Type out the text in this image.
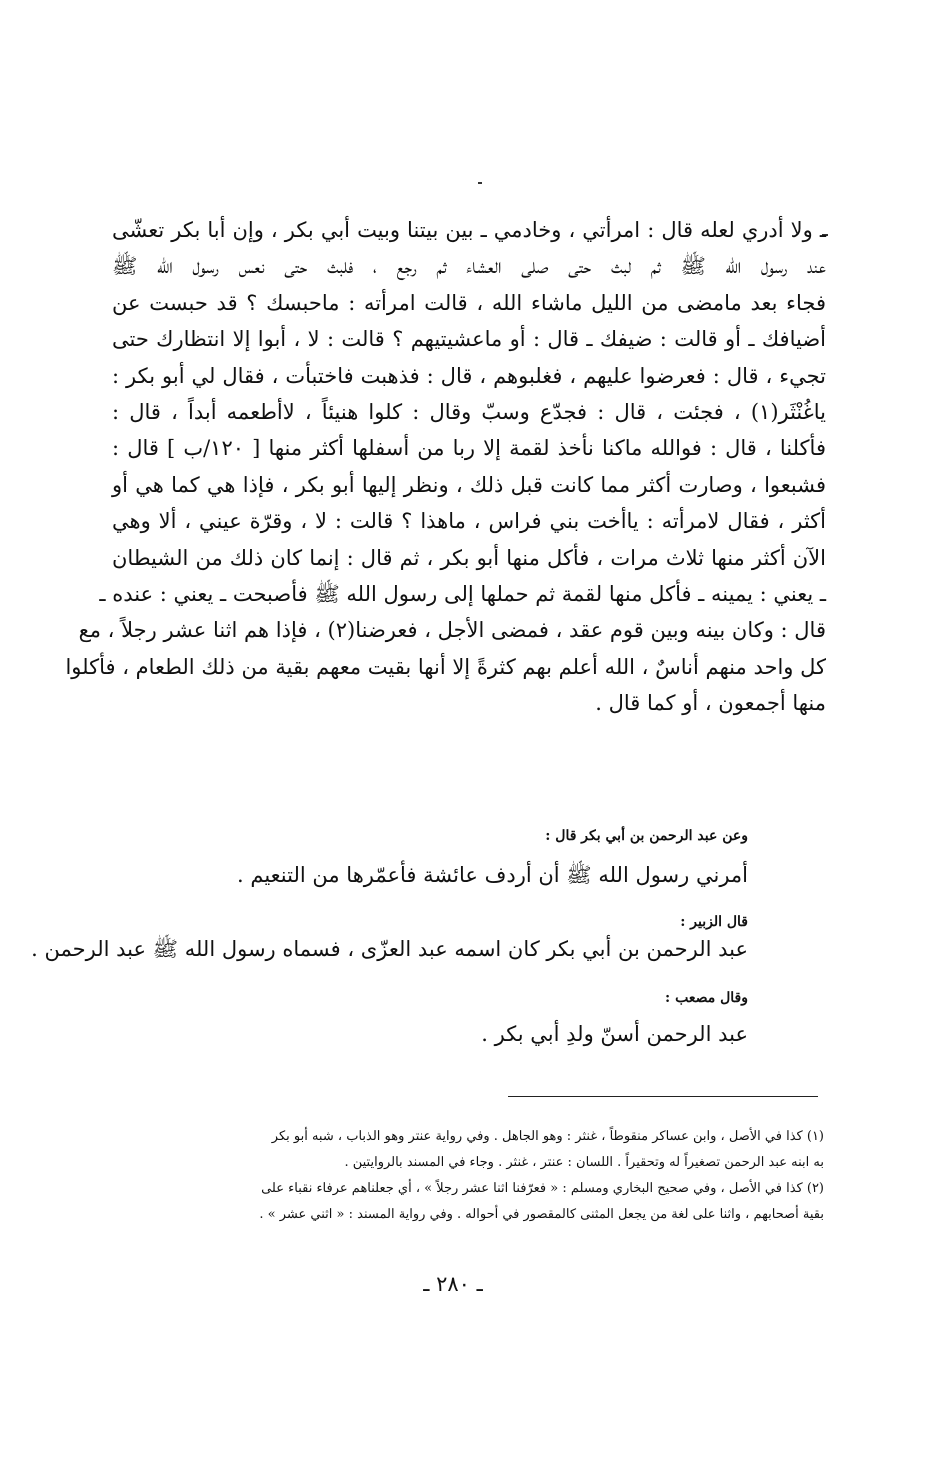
ـ ولا أدري لعله قال : امرأتي ، وخادمي ـ بين بيتنا وبيت أبي بكر ، وإن أبا بكر تعشّى
عند رسول الله ﷺ ثم لبث حتى صلى العشاء ثم رجع ، فلبث حتى نعس رسول الله ﷺ
فجاء بعد مامضى من الليل ماشاء الله ، قالت امرأته : ماحبسك ؟ قد حبست عن
أضيافك ـ أو قالت : ضيفك ـ قال : أو ماعشيتيهم ؟ قالت : لا ، أبوا إلا انتظارك حتى
تجيء ، قال : فعرضوا عليهم ، فغلبوهم ، قال : فذهبت فاختبأت ، فقال لي أبو بكر :
ياغُنْثَر(١) ، فجئت ، قال : فجدّع وسبّ وقال : كلوا هنيئاً ، لاأطعمه أبداً ، قال :
فأكلنا ، قال : فوالله ماكنا نأخذ لقمة إلا ربا من أسفلها أكثر منها [ ١٢٠/ب ] قال :
فشبعوا ، وصارت أكثر مما كانت قبل ذلك ، ونظر إليها أبو بكر ، فإذا هي كما هي أو
أكثر ، فقال لامرأته : ياأخت بني فراس ، ماهذا ؟ قالت : لا ، وقرّة عيني ، ألا وهي
الآن أكثر منها ثلاث مرات ، فأكل منها أبو بكر ، ثم قال : إنما كان ذلك من الشيطان
ـ يعني : يمينه ـ فأكل منها لقمة ثم حملها إلى رسول الله ﷺ فأصبحت ـ يعني : عنده ـ
قال : وكان بينه وبين قوم عقد ، فمضى الأجل ، فعرضنا(٢) ، فإذا هم اثنا عشر رجلاً ، مع
كل واحد منهم أناسٌ ، الله أعلم بهم كثرةً إلا أنها بقيت معهم بقية من ذلك الطعام ، فأكلوا
منها أجمعون ، أو كما قال .
وعن عبد الرحمن بن أبي بكر قال :
أمرني رسول الله ﷺ أن أردف عائشة فأعمّرها من التنعيم .
قال الزبير :
عبد الرحمن بن أبي بكر كان اسمه عبد العزّى ، فسماه رسول الله ﷺ عبد الرحمن .
وقال مصعب :
عبد الرحمن أسنّ ولدِ أبي بكر .
(١) كذا في الأصل ، وابن عساكر منقوطاً ، غنثر : وهو الجاهل . وفي رواية عنتر وهو الذباب ، شبه أبو بكر
به ابنه عبد الرحمن تصغيراً له وتحقيراً . اللسان : عنتر ، غنثر . وجاء في المسند بالروايتين .
(٢) كذا في الأصل ، وفي صحيح البخاري ومسلم : « فعرّفنا اثنا عشر رجلاً » ، أي جعلناهم عرفاء نقباء على
بقية أصحابهم ، واثنا على لغة من يجعل المثنى كالمقصور في أحواله . وفي رواية المسند : « اثني عشر » .
ـ ٢٨٠ ـ
